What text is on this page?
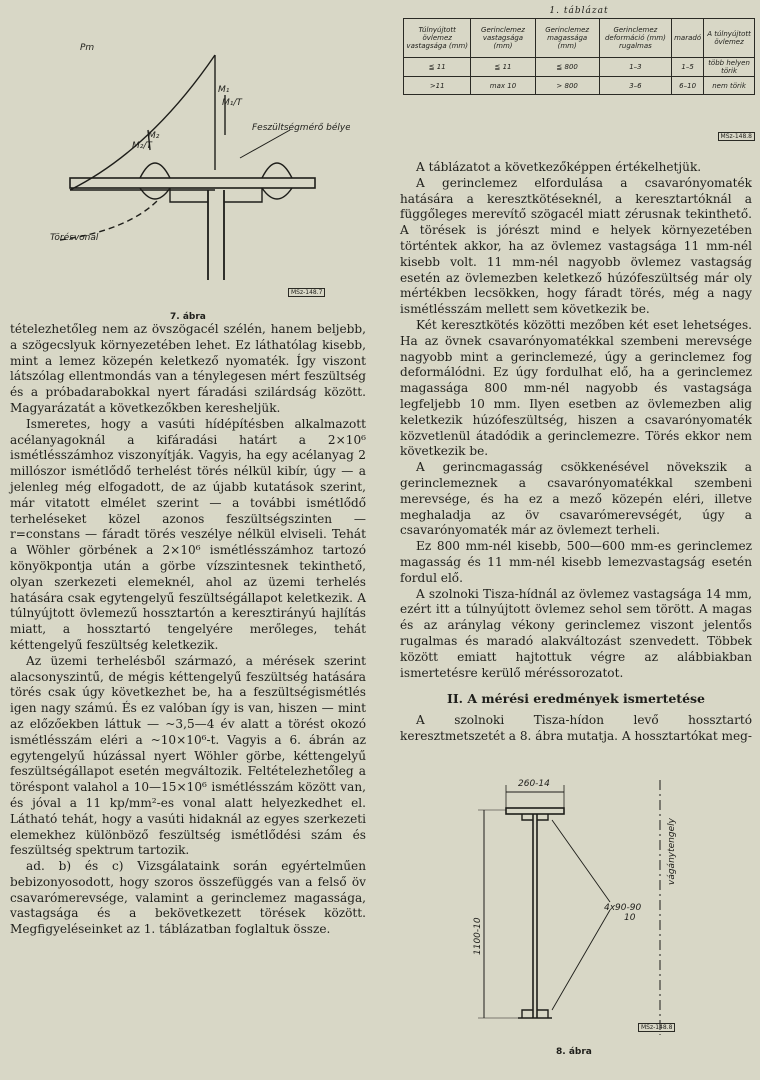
Pm
M₁
M₁/T
M₂/T
M₂
Feszültségmérő bélyeg
Törésvonal
MSz-148.7
7. ábra
1. táblázat
Túlnyújtott övlemez vastagsága (mm)	Gerinclemez vastagsága (mm)	Gerinclemez magassága (mm)	Gerinclemez deformáció (mm) rugalmas	maradó	A túlnyújtott övlemez
≦ 11	≦ 11	≦ 800	1–3	1–5	több helyen törik
>11	max 10	> 800	3–6	6–10	nem törik
MSz-148.8

tételezhetőleg nem az övszögacél szélén, hanem beljebb, a szögecslyuk környezetében lehet. Ez láthatólag kisebb, mint a lemez közepén keletkező nyomaték. Így viszont látszólag ellentmondás van a ténylegesen mért feszültség és a próbadarabokkal nyert fáradási szilárdság között. Magyarázatát a következőkben keresheljük.

Ismeretes, hogy a vasúti hídépítésben alkalmazott acélanyagoknál a kifáradási határt a 2×10⁶ ismétlésszámhoz viszonyítják. Vagyis, ha egy acélanyag 2 millószor ismétlődő terhelést törés nélkül kibír, úgy — a jelenleg még elfogadott, de az újabb kutatások szerint, már vitatott elmélet szerint — a további ismétlődő terheléseket közel azonos feszültségszinten — r=constans — fáradt törés veszélye nélkül elviseli. Tehát a Wöhler görbének a 2×10⁶ ismétlésszámhoz tartozó könyökpontja után a görbe vízszintesnek tekinthető, olyan szerkezeti elemeknél, ahol az üzemi terhelés hatására csak egytengelyű feszültségállapot keletkezik. A túlnyújtott övlemezű hossztartón a keresztirányú hajlítás miatt, a hossztartó tengelyére merőleges, tehát kéttengelyű feszültség keletkezik.

Az üzemi terhelésből származó, a mérések szerint alacsonyszintű, de mégis kéttengelyű feszültség hatására törés csak úgy következhet be, ha a feszültségismétlés igen nagy számú. És ez valóban így is van, hiszen — mint az előzőekben láttuk — ~3,5—4 év alatt a törést okozó ismétlésszám eléri a ~10×10⁶-t. Vagyis a 6. ábrán az egytengelyű húzással nyert Wöhler görbe, kéttengelyű feszültségállapot esetén megváltozik. Feltételezhetőleg a töréspont valahol a 10—15×10⁶ ismétlésszám között van, és jóval a 11 kp/mm²-es vonal alatt helyezkedhet el. Látható tehát, hogy a vasúti hidaknál az egyes szerkezeti elemekhez különböző feszültség ismétlődési szám és feszültség spektrum tartozik.

ad. b) és c) Vizsgálataink során egyértelműen bebizonyosodott, hogy szoros összefüggés van a felső öv csavarómerevsége, valamint a gerinclemez magassága, vastagsága és a bekövetkezett törések között. Megfigyeléseinket az 1. táblázatban foglaltuk össze.

A táblázatot a következőképpen értékelhetjük.

A gerinclemez elfordulása a csavarónyomaték hatására a keresztkötéseknél, a keresztartóknál a függőleges merevítő szögacél miatt zérusnak tekinthető. A törések is jórészt mind e helyek környezetében történtek akkor, ha az övlemez vastagsága 11 mm-nél kisebb volt. 11 mm-nél nagyobb övlemez vastagság esetén az övlemezben keletkező húzófeszültség már oly mértékben lecsökken, hogy fáradt törés, még a nagy ismétlésszám mellett sem következik be.

Két keresztkötés közötti mezőben két eset lehetséges. Ha az övnek csavarónyomatékkal szembeni merevsége nagyobb mint a gerinclemezé, úgy a gerinclemez fog deformálódni. Ez úgy fordulhat elő, ha a gerinclemez magassága 800 mm-nél nagyobb és vastagsága legfeljebb 10 mm. Ilyen esetben az övlemezben alig keletkezik húzófeszültség, hiszen a csavarónyomaték közvetlenül átadódik a gerinclemezre. Törés ekkor nem következik be.

A gerincmagasság csökkenésével növekszik a gerinclemeznek a csavarónyomatékkal szembeni merevsége, és ha ez a mező közepén eléri, illetve meghaladja az öv csavarómerevségét, úgy a csavarónyomaték már az övlemezt terheli.

Ez 800 mm-nél kisebb, 500—600 mm-es gerinclemez magasság és 11 mm-nél kisebb lemezvastagság esetén fordul elő.

A szolnoki Tisza-hídnál az övlemez vastagsága 14 mm, ezért itt a túlnyújtott övlemez sehol sem törött. A magas és az aránylag vékony gerinclemez viszont jelentős rugalmas és maradó alakváltozást szenvedett. Többek között emiatt hajtottuk végre az alábbiakban ismertetésre kerülő méréssorozatot.

II. A mérési eredmények ismertetése

A szolnoki Tisza-hídon levő hossztartó keresztmetszetét a 8. ábra mutatja. A hossztartókat meg-

260-14
4x90-90
10
1100-10
vágánytengely
MSz-148.8
8. ábra
